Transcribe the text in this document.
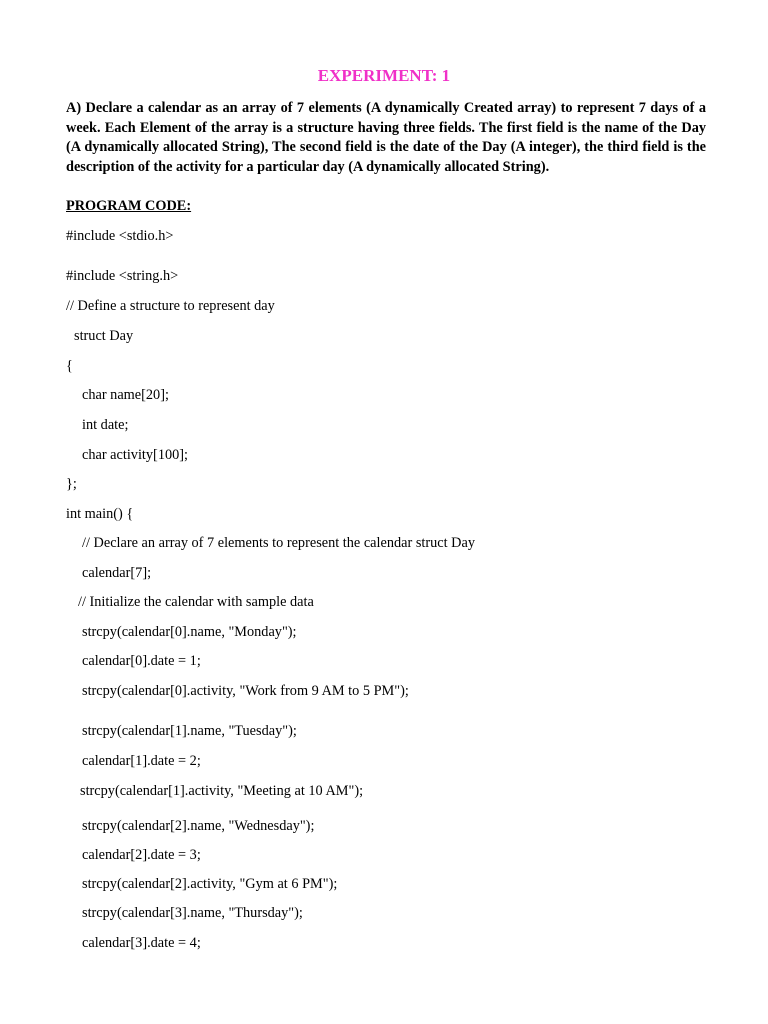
EXPERIMENT: 1
A) Declare a calendar as an array of 7 elements (A dynamically Created array) to represent 7 days of a week. Each Element of the array is a structure having three fields. The first field is the name of the Day (A dynamically allocated String), The second field is the date of the Day (A integer), the third field is the description of the activity for a particular day (A dynamically allocated String).
PROGRAM CODE:
#include <stdio.h>
#include <string.h>
// Define a structure to represent day
struct Day
{
char name[20];
int date;
char activity[100];
};
int main() {
// Declare an array of 7 elements to represent the calendar struct Day
calendar[7];
// Initialize the calendar with sample data
strcpy(calendar[0].name, "Monday");
calendar[0].date = 1;
strcpy(calendar[0].activity, "Work from 9 AM to 5 PM");
strcpy(calendar[1].name, "Tuesday");
calendar[1].date = 2;
strcpy(calendar[1].activity, "Meeting at 10 AM");
strcpy(calendar[2].name, "Wednesday");
calendar[2].date = 3;
strcpy(calendar[2].activity, "Gym at 6 PM");
strcpy(calendar[3].name, "Thursday");
calendar[3].date = 4;
